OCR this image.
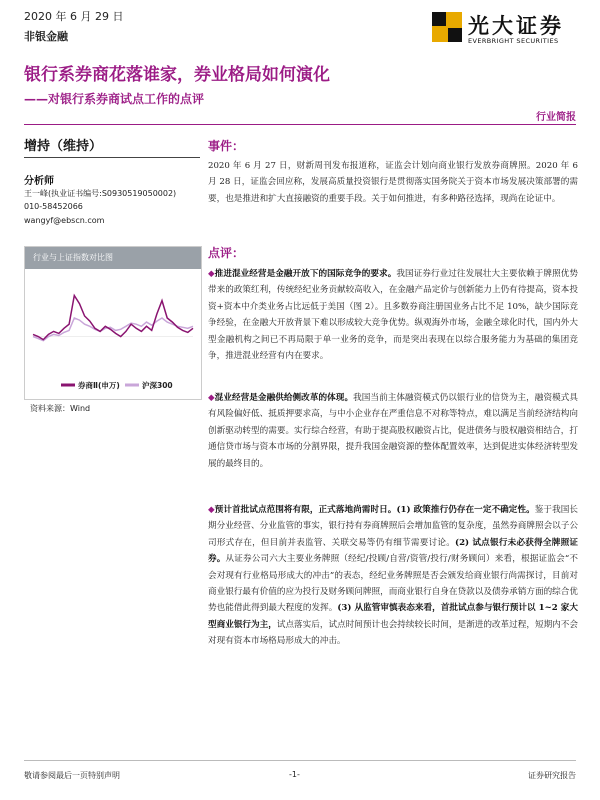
2020 年 6 月 29 日
非银金融	光大证券
EVERBRIGHT SECURITIES
银行系券商花落谁家，券业格局如何演化
——对银行系券商试点工作的点评
行业简报
增持（维持）
分析师
王一峰(执业证书编号:S0930519050002)
010-58452066
wangyf@ebscn.com
行业与上证指数对比图
券商Ⅱ(申万)	沪深300
资料来源：Wind
事件：
2020 年 6 月 27 日，财新周刊发布报道称，证监会计划向商业银行发放券商牌照。2020 年 6 月 28 日，证监会回应称，发展高质量投资银行是贯彻落实国务院关于资本市场发展决策部署的需要，也是推进和扩大直接融资的重要手段。关于如何推进，有多种路径选择，现尚在论证中。
点评：
◆推进混业经营是金融开放下的国际竞争的要求。我国证券行业过往发展壮大主要依赖于牌照优势带来的政策红利，传统经纪业务贡献较高收入，在金融产品定价与创新能力上仍有待提高，资本投资+资本中介类业务占比远低于美国（图 2）。且多数券商注册国业务占比不足 10%，缺少国际竞争经验，在金融大开放背景下难以形成较大竞争优势。纵观海外市场，金融全球化时代，国内外大型金融机构之间已不再局限于单一业务的竞争，而是突出表现在以综合服务能力为基础的集团竞争，推进混业经营有内在要求。
◆混业经营是金融供给侧改革的体现。我国当前主体融资模式仍以银行业的信贷为主，融资模式具有风险偏好低、抵质押要求高，与中小企业存在严重信息不对称等特点，难以满足当前经济结构向创新驱动转型的需要。实行综合经营，有助于提高股权融资占比，促进债务与股权融资相结合，打通信贷市场与资本市场的分割界限，提升我国金融资源的整体配置效率，达到促进实体经济转型发展的最终目的。
◆预计首批试点范围将有限，正式落地尚需时日。(1) 政策推行仍存在一定不确定性。鉴于我国长期分业经营、分业监管的事实，银行持有券商牌照后会增加监管的复杂度，虽然券商牌照会以子公司形式存在，但目前并表监管、关联交易等仍有细节需要讨论。(2) 试点银行未必获得全牌照证券。从证券公司六大主要业务牌照（经纪/投顾/自营/资管/投行/财务顾问）来看，根据证监会“不会对现有行业格局形成大的冲击”的表态，经纪业务牌照是否会颁发给商业银行尚需探讨，目前对商业银行最有价值的应为投行及财务顾问牌照，而商业银行自身在贷款以及债券承销方面的综合优势也能借此得到最大程度的发挥。(3) 从监管审慎表态来看，首批试点参与银行预计以 1~2 家大型商业银行为主，试点落实后，试点时间预计也会持续较长时间，是渐进的改革过程，短期内不会对现有资本市场格局形成大的冲击。
敬请参阅最后一页特别声明	-1-	证券研究报告
